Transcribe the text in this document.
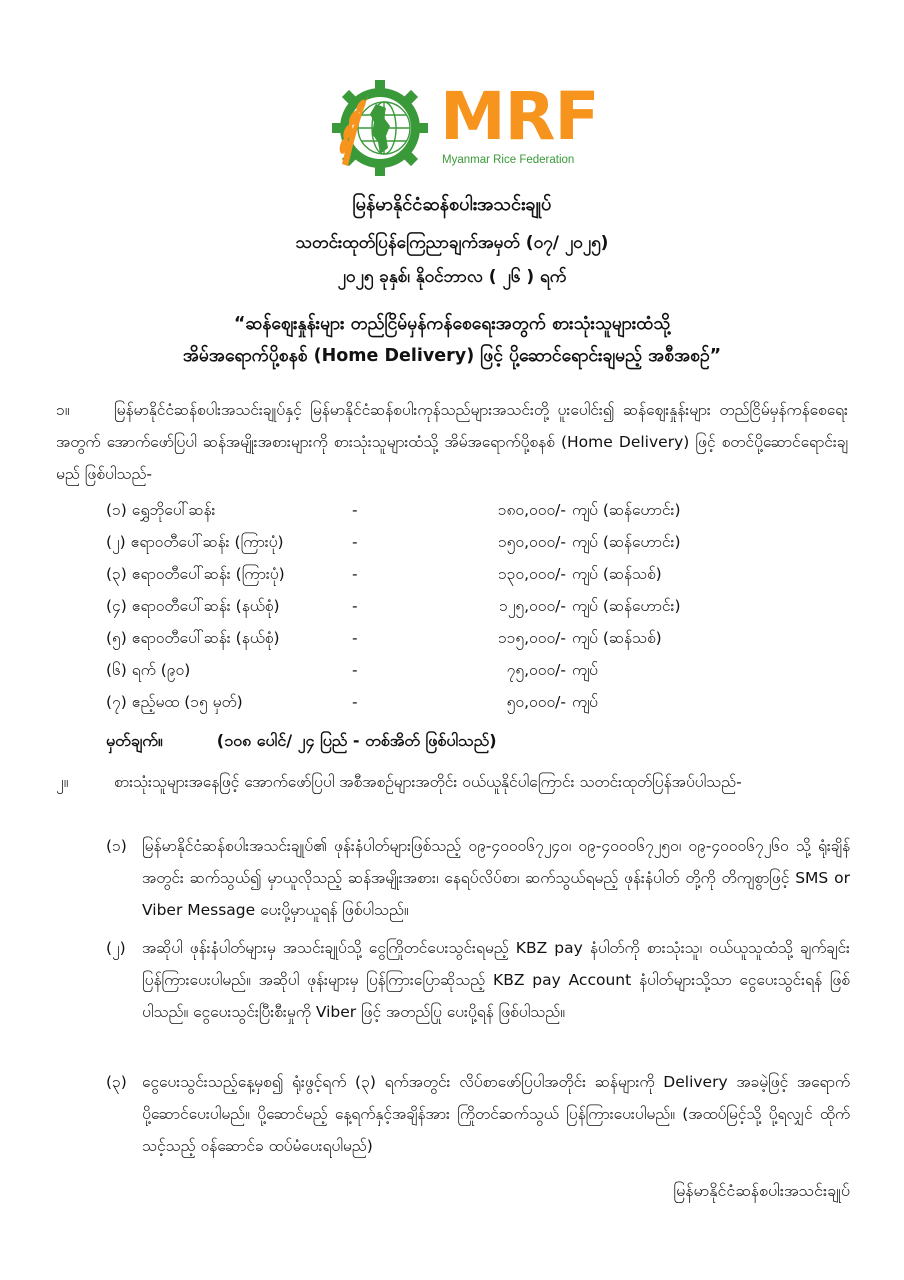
MRF
Myanmar Rice Federation
မြန်မာနိုင်ငံဆန်စပါးအသင်းချုပ်
သတင်းထုတ်ပြန်ကြေညာချက်အမှတ် (၀၇/ ၂၀၂၅)
၂၀၂၅ ခုနှစ်၊ နိုဝင်ဘာလ ( ၂၆ ) ရက်
“ဆန်ဈေးနှုန်းများ တည်ငြိမ်မှန်ကန်စေရေးအတွက် စားသုံးသူများထံသို့
အိမ်အရောက်ပို့စနစ် (Home Delivery) ဖြင့် ပို့ဆောင်ရောင်းချမည့် အစီအစဉ်”
၁။	မြန်မာနိုင်ငံဆန်စပါးအသင်းချုပ်နှင့် မြန်မာနိုင်ငံဆန်စပါးကုန်သည်များအသင်းတို့ ပူးပေါင်း၍ ဆန်ဈေးနှုန်းများ တည်ငြိမ်မှန်ကန်စေရေးအတွက် အောက်ဖော်ပြပါ ဆန်အမျိုးအစားများကို စားသုံးသူများထံသို့ အိမ်အရောက်ပို့စနစ် (Home Delivery) ဖြင့် စတင်ပို့ဆောင်ရောင်းချမည် ဖြစ်ပါသည်-
(၁) ရွှေဘိုပေါ်ဆန်း	-	၁၈၀,၀၀၀/- ကျပ် (ဆန်ဟောင်း)
(၂) ဧရာဝတီပေါ်ဆန်း (ကြားပုံ)	-	၁၅၀,၀၀၀/- ကျပ် (ဆန်ဟောင်း)
(၃) ဧရာဝတီပေါ်ဆန်း (ကြားပုံ)	-	၁၃၀,၀၀၀/- ကျပ် (ဆန်သစ်)
(၄) ဧရာဝတီပေါ်ဆန်း (နယ်စုံ)	-	၁၂၅,၀၀၀/- ကျပ် (ဆန်ဟောင်း)
(၅) ဧရာဝတီပေါ်ဆန်း (နယ်စုံ)	-	၁၁၅,၀၀၀/- ကျပ် (ဆန်သစ်)
(၆) ရက် (၉၀)	-	၇၅,၀၀၀/- ကျပ်
(၇) ဧည့်မထ (၁၅ မှတ်)	-	၅၀,၀၀၀/- ကျပ်
မှတ်ချက်။	(၁၀၈ ပေါင်/ ၂၄ ပြည် - တစ်အိတ် ဖြစ်ပါသည်)
၂။	စားသုံးသူများအနေဖြင့် အောက်ဖော်ပြပါ အစီအစဉ်များအတိုင်း ဝယ်ယူနိုင်ပါကြောင်း သတင်းထုတ်ပြန်အပ်ပါသည်-
(၁) မြန်မာနိုင်ငံဆန်စပါးအသင်းချုပ်၏ ဖုန်းနံပါတ်များဖြစ်သည့် ၀၉-၄၀၀၀၆၇၂၄၀၊ ၀၉-၄၀၀၀၆၇၂၅၀၊ ၀၉-၄၀၀၀၆၇၂၆၀ သို့ ရုံးချိန်အတွင်း ဆက်သွယ်၍ မှာယူလိုသည့် ဆန်အမျိုးအစား၊ နေရပ်လိပ်စာ၊ ဆက်သွယ်ရမည့် ဖုန်းနံပါတ် တို့ကို တိကျစွာဖြင့် SMS or Viber Message ပေးပို့မှာယူရန် ဖြစ်ပါသည်။
(၂) အဆိုပါ ဖုန်းနံပါတ်များမှ အသင်းချုပ်သို့ ငွေကြိုတင်ပေးသွင်းရမည့် KBZ pay နံပါတ်ကို စားသုံးသူ၊ ဝယ်ယူသူထံသို့ ချက်ချင်း ပြန်ကြားပေးပါမည်။ အဆိုပါ ဖုန်းများမှ ပြန်ကြားပြောဆိုသည့် KBZ pay Account နံပါတ်များသို့သာ ငွေပေးသွင်းရန် ဖြစ်ပါသည်။ ငွေပေးသွင်းပြီးစီးမှုကို Viber ဖြင့် အတည်ပြု ပေးပို့ရန် ဖြစ်ပါသည်။
(၃) ငွေပေးသွင်းသည့်နေ့မှစ၍ ရုံးဖွင့်ရက် (၃) ရက်အတွင်း လိပ်စာဖော်ပြပါအတိုင်း ဆန်များကို Delivery အခမဲ့ဖြင့် အရောက်ပို့ဆောင်ပေးပါမည်။ ပို့ဆောင်မည့် နေ့ရက်နှင့်အချိန်အား ကြိုတင်ဆက်သွယ် ပြန်ကြားပေးပါမည်။ (အထပ်မြင့်သို့ ပို့ရလျှင် ထိုက်သင့်သည့် ဝန်ဆောင်ခ ထပ်မံပေးရပါမည်)
မြန်မာနိုင်ငံဆန်စပါးအသင်းချုပ်
